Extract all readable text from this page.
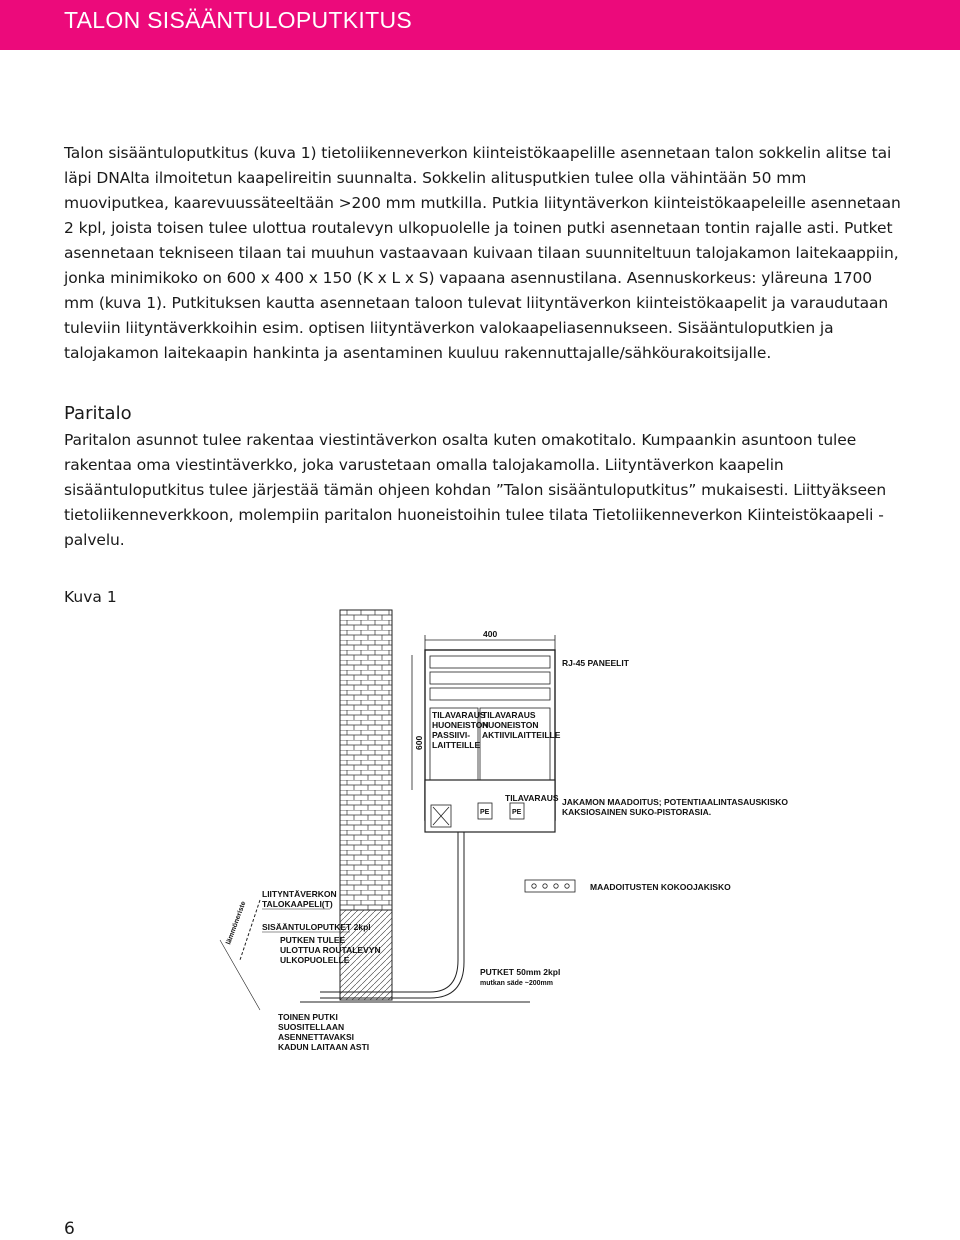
TALON SISÄÄNTULOPUTKITUS

Talon sisääntuloputkitus (kuva 1) tietoliikenneverkon kiinteistökaapelille asennetaan talon sokkelin alitse tai läpi DNAlta ilmoitetun kaapelireitin suunnalta. Sokkelin alitusputkien tulee olla vähintään 50 mm muoviputkea, kaarevuussäteeltään >200 mm mutkilla. Putkia liityntäverkon kiinteistökaapeleille asennetaan 2 kpl, joista toisen tulee ulottua routalevyn ulkopuolelle ja toinen putki asennetaan tontin rajalle asti. Putket asennetaan tekniseen tilaan tai muuhun vastaavaan kuivaan tilaan suunniteltuun talojakamon laitekaappiin, jonka minimikoko on 600 x 400 x 150 (K x L x S) vapaana asennustilana. Asennuskorkeus: yläreuna 1700 mm (kuva 1). Putkituksen kautta asennetaan taloon tulevat liityntäverkon kiinteistökaapelit ja varaudutaan tuleviin liityntäverkkoihin esim. optisen liityntäverkon valokaapeliasennukseen. Sisääntuloputkien ja talojakamon laitekaapin hankinta ja asentaminen kuuluu rakennuttajalle/sähköurakoitsijalle.

Paritalo

Paritalon asunnot tulee rakentaa viestintäverkon osalta kuten omakotitalo. Kumpaankin asuntoon tulee rakentaa oma viestintäverkko, joka varustetaan omalla talojakamolla. Liityntäverkon kaapelin sisääntuloputkitus tulee järjestää tämän ohjeen kohdan ”Talon sisääntuloputkitus” mukaisesti. Liittyäkseen tietoliikenneverkkoon, molempiin paritalon huoneistoihin tulee tilata Tietoliikenneverkon Kiinteistökaapeli -palvelu.

Kuva 1
400
600
RJ-45 PANEELIT
TILAVARAUS
HUONEISTON
PASSIIVI-
LAITTEILLE
TILAVARAUS
HUONEISTON
AKTIIVILAITTEILLE
PE	PE
TILAVARAUS JAKAMON MAADOITUS; POTENTIAALINTASAUSKISKO
KAKSIOSAINEN SUKO-PISTORASIA.
MAADOITUSTEN KOKOOJAKISKO
lämmöneriste
LIITYNTÄVERKON
TALOKAAPELI(T)
SISÄÄNTULOPUTKET 2kpl
PUTKEN TULEE
ULOTTUA ROUTALEVYN
ULKOPUOLELLE
PUTKET 50mm 2kpl
mutkan säde ~200mm
TOINEN PUTKI
SUOSITELLAAN
ASENNETTAVAKSI
KADUN LAITAAN ASTI
6
